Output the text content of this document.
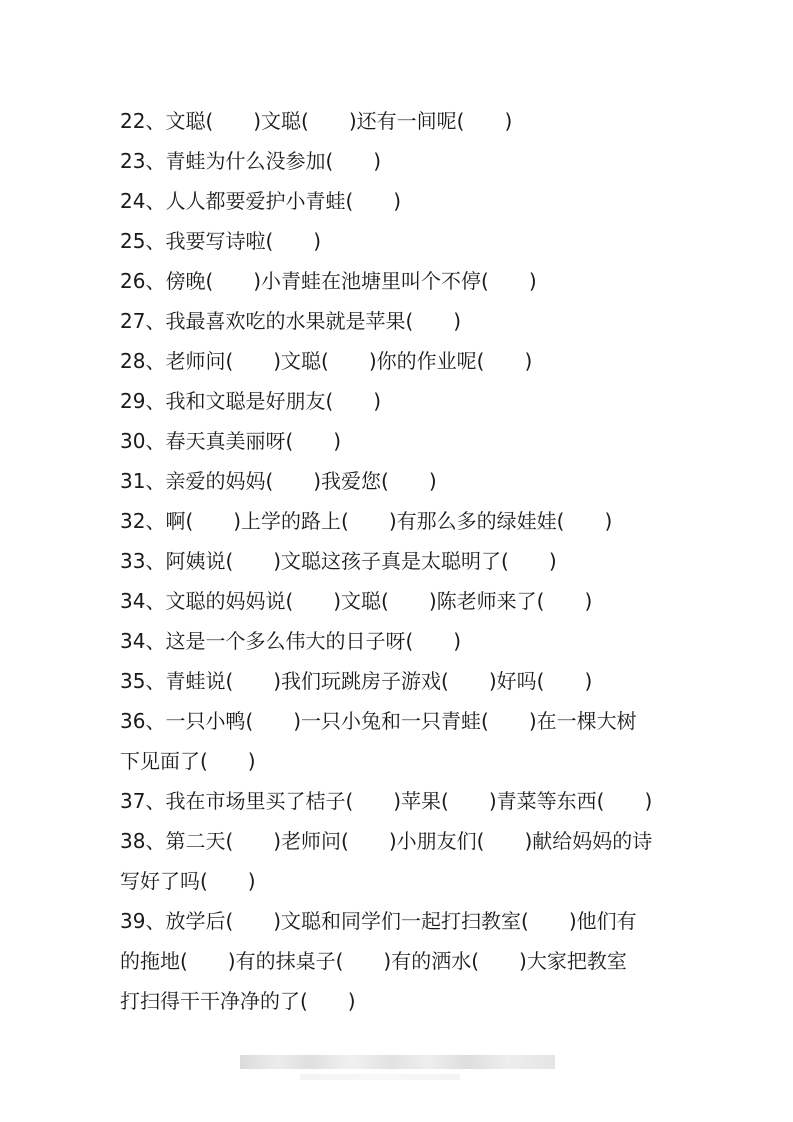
22、文聪(　　)文聪(　　)还有一间呢(　　)
23、青蛙为什么没参加(　　)
24、人人都要爱护小青蛙(　　)
25、我要写诗啦(　　)
26、傍晚(　　)小青蛙在池塘里叫个不停(　　)
27、我最喜欢吃的水果就是苹果(　　)
28、老师问(　　)文聪(　　)你的作业呢(　　)
29、我和文聪是好朋友(　　)
30、春天真美丽呀(　　)
31、亲爱的妈妈(　　)我爱您(　　)
32、啊(　　)上学的路上(　　)有那么多的绿娃娃(　　)
33、阿姨说(　　)文聪这孩子真是太聪明了(　　)
34、文聪的妈妈说(　　)文聪(　　)陈老师来了(　　)
34、这是一个多么伟大的日子呀(　　)
35、青蛙说(　　)我们玩跳房子游戏(　　)好吗(　　)
36、一只小鸭(　　)一只小兔和一只青蛙(　　)在一棵大树
下见面了(　　)
37、我在市场里买了桔子(　　)苹果(　　)青菜等东西(　　)
38、第二天(　　)老师问(　　)小朋友们(　　)献给妈妈的诗
写好了吗(　　)
39、放学后(　　)文聪和同学们一起打扫教室(　　)他们有
的拖地(　　)有的抹桌子(　　)有的洒水(　　)大家把教室
打扫得干干净净的了(　　)
